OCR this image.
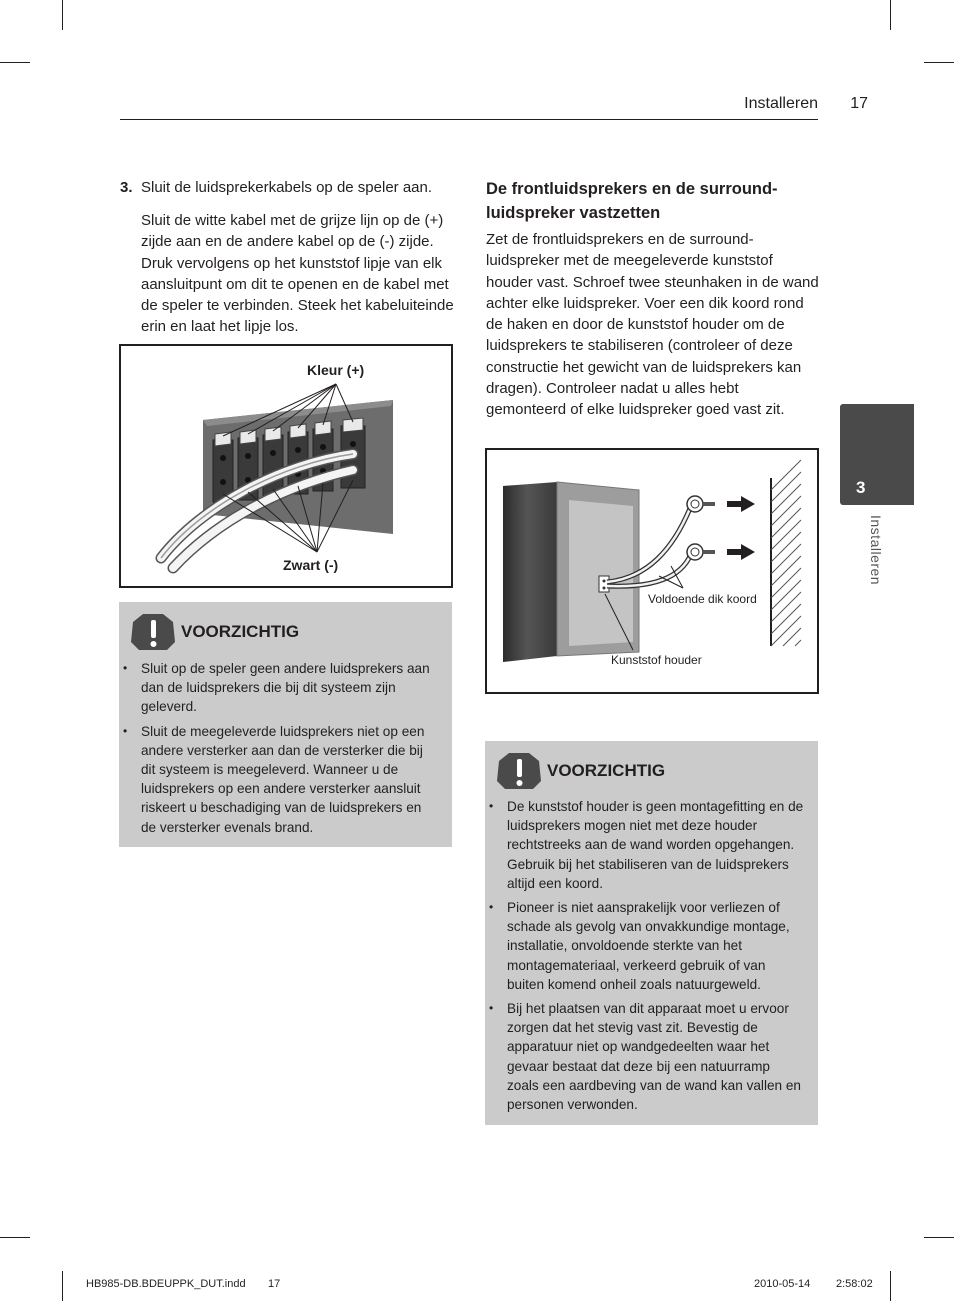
Installeren 17
3
Installeren
3. Sluit de luidsprekerkabels op de speler aan.

Sluit de witte kabel met de grijze lijn op de (+) zijde aan en de andere kabel op de (-) zijde. Druk vervolgens op het kunststof lipje van elk aansluitpunt om dit te openen en de kabel met de speler te verbinden. Steek het kabeluiteinde erin en laat het lipje los.

Kleur (+)
Zwart (-)
VOORZICHTIG
• Sluit op de speler geen andere luidsprekers aan dan de luidsprekers die bij dit systeem zijn geleverd.
• Sluit de meegeleverde luidsprekers niet op een andere versterker aan dan de versterker die bij dit systeem is meegeleverd. Wanneer u de luidsprekers op een andere versterker aansluit riskeert u beschadiging van de luidsprekers en de versterker evenals brand.
De frontluidsprekers en de surround-luidspreker vastzetten

Zet de frontluidsprekers en de surround-luidspreker met de meegeleverde kunststof houder vast. Schroef twee steunhaken in de wand achter elke luidspreker. Voer een dik koord rond de haken en door de kunststof houder om de luidsprekers te stabiliseren (controleer of deze constructie het gewicht van de luidsprekers kan dragen). Controleer nadat u alles hebt gemonteerd of elke luidspreker goed vast zit.

Voldoende dik koord
Kunststof houder
VOORZICHTIG
• De kunststof houder is geen montagefitting en de luidsprekers mogen niet met deze houder rechtstreeks aan de wand worden opgehangen. Gebruik bij het stabiliseren van de luidsprekers altijd een koord.
• Pioneer is niet aansprakelijk voor verliezen of schade als gevolg van onvakkundige montage, installatie, onvoldoende sterkte van het montagemateriaal, verkeerd gebruik of van buiten komend onheil zoals natuurgeweld.
• Bij het plaatsen van dit apparaat moet u ervoor zorgen dat het stevig vast zit. Bevestig de apparatuur niet op wandgedeelten waar het gevaar bestaat dat deze bij een natuurramp zoals een aardbeving van de wand kan vallen en personen verwonden.
HB985-DB.BDEUPPK_DUT.indd 17	2010-05-14 2:58:02
